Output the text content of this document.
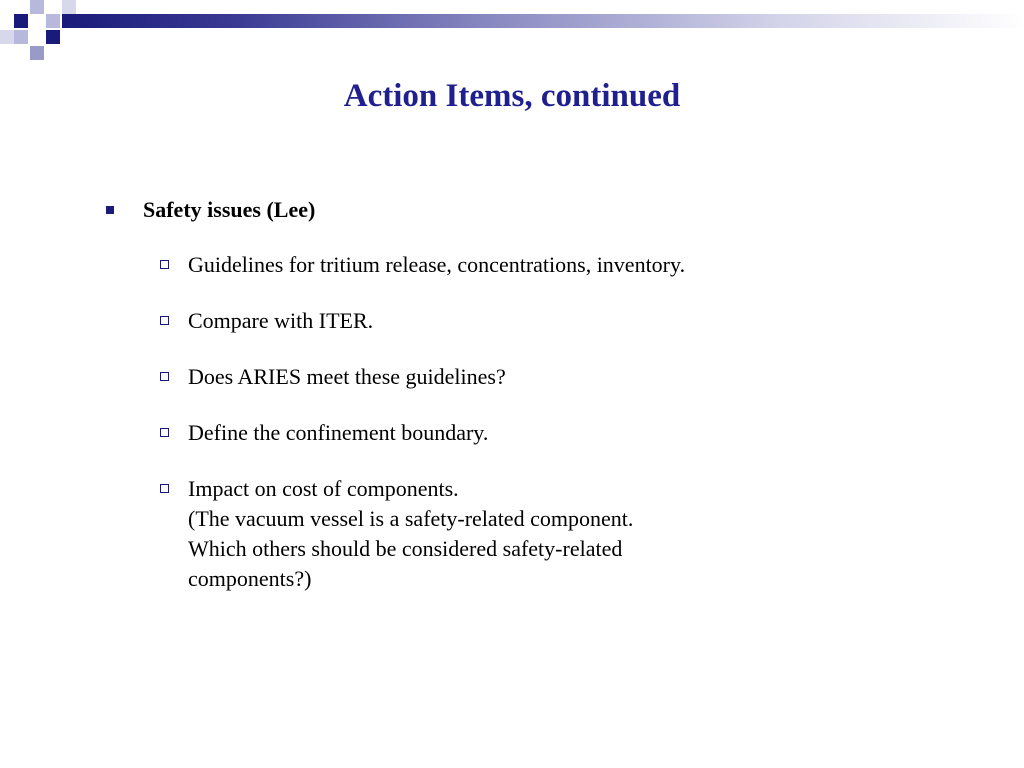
Action Items, continued
Safety issues (Lee)
Guidelines for tritium release, concentrations, inventory.
Compare with ITER.
Does ARIES meet these guidelines?
Define the confinement boundary.
Impact on cost of components.
(The vacuum vessel is a safety-related component.
Which others should be considered safety-related
components?)
